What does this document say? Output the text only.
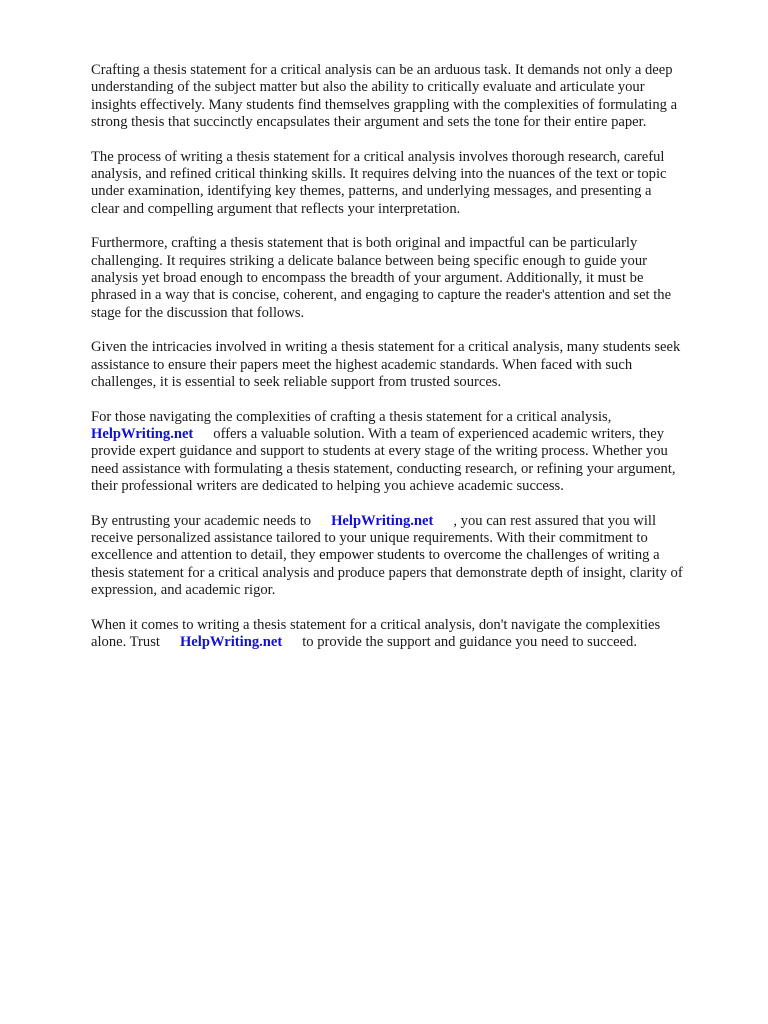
Crafting a thesis statement for a critical analysis can be an arduous task. It demands not only a deep
understanding of the subject matter but also the ability to critically evaluate and articulate your
insights effectively. Many students find themselves grappling with the complexities of formulating a
strong thesis that succinctly encapsulates their argument and sets the tone for their entire paper.

The process of writing a thesis statement for a critical analysis involves thorough research, careful
analysis, and refined critical thinking skills. It requires delving into the nuances of the text or topic
under examination, identifying key themes, patterns, and underlying messages, and presenting a
clear and compelling argument that reflects your interpretation.

Furthermore, crafting a thesis statement that is both original and impactful can be particularly
challenging. It requires striking a delicate balance between being specific enough to guide your
analysis yet broad enough to encompass the breadth of your argument. Additionally, it must be
phrased in a way that is concise, coherent, and engaging to capture the reader's attention and set the
stage for the discussion that follows.

Given the intricacies involved in writing a thesis statement for a critical analysis, many students seek
assistance to ensure their papers meet the highest academic standards. When faced with such
challenges, it is essential to seek reliable support from trusted sources.

For those navigating the complexities of crafting a thesis statement for a critical analysis,
HelpWriting.net offers a valuable solution. With a team of experienced academic writers, they
provide expert guidance and support to students at every stage of the writing process. Whether you
need assistance with formulating a thesis statement, conducting research, or refining your argument,
their professional writers are dedicated to helping you achieve academic success.

By entrusting your academic needs to HelpWriting.net , you can rest assured that you will
receive personalized assistance tailored to your unique requirements. With their commitment to
excellence and attention to detail, they empower students to overcome the challenges of writing a
thesis statement for a critical analysis and produce papers that demonstrate depth of insight, clarity of
expression, and academic rigor.

When it comes to writing a thesis statement for a critical analysis, don't navigate the complexities
alone. Trust HelpWriting.net to provide the support and guidance you need to succeed.
